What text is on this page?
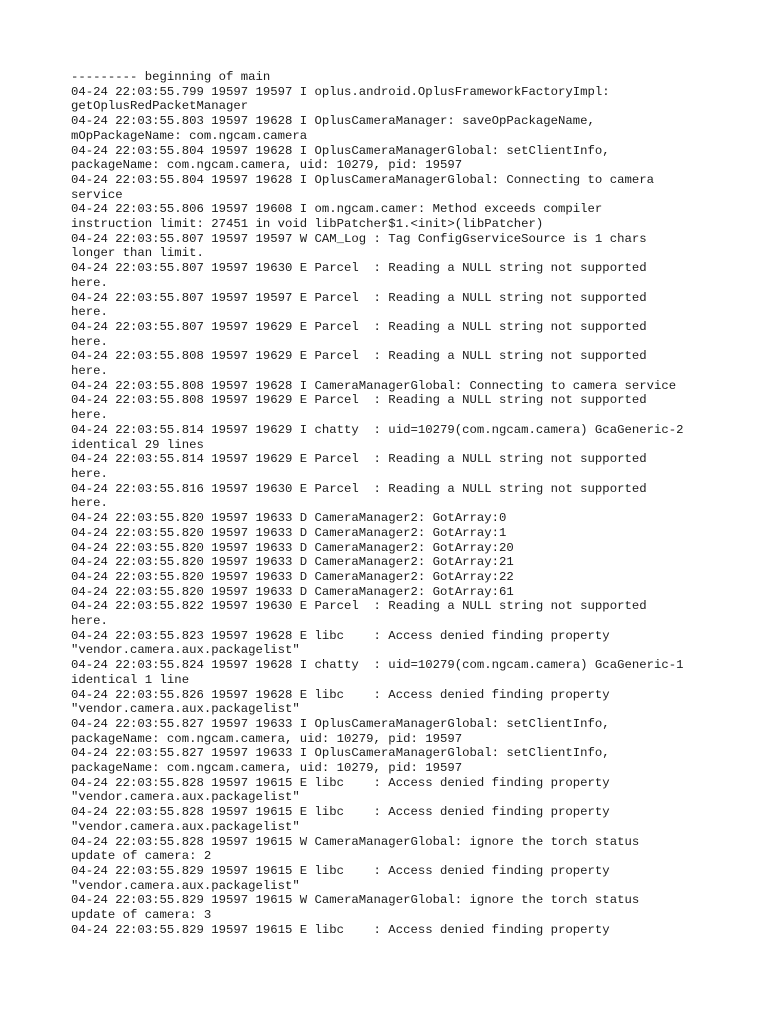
--------- beginning of main
04-24 22:03:55.799 19597 19597 I oplus.android.OplusFrameworkFactoryImpl:
getOplusRedPacketManager
04-24 22:03:55.803 19597 19628 I OplusCameraManager: saveOpPackageName,
mOpPackageName: com.ngcam.camera
04-24 22:03:55.804 19597 19628 I OplusCameraManagerGlobal: setClientInfo,
packageName: com.ngcam.camera, uid: 10279, pid: 19597
04-24 22:03:55.804 19597 19628 I OplusCameraManagerGlobal: Connecting to camera
service
04-24 22:03:55.806 19597 19608 I om.ngcam.camer: Method exceeds compiler
instruction limit: 27451 in void libPatcher$1.<init>(libPatcher)
04-24 22:03:55.807 19597 19597 W CAM_Log : Tag ConfigGserviceSource is 1 chars
longer than limit.
04-24 22:03:55.807 19597 19630 E Parcel  : Reading a NULL string not supported
here.
04-24 22:03:55.807 19597 19597 E Parcel  : Reading a NULL string not supported
here.
04-24 22:03:55.807 19597 19629 E Parcel  : Reading a NULL string not supported
here.
04-24 22:03:55.808 19597 19629 E Parcel  : Reading a NULL string not supported
here.
04-24 22:03:55.808 19597 19628 I CameraManagerGlobal: Connecting to camera service
04-24 22:03:55.808 19597 19629 E Parcel  : Reading a NULL string not supported
here.
04-24 22:03:55.814 19597 19629 I chatty  : uid=10279(com.ngcam.camera) GcaGeneric-2
identical 29 lines
04-24 22:03:55.814 19597 19629 E Parcel  : Reading a NULL string not supported
here.
04-24 22:03:55.816 19597 19630 E Parcel  : Reading a NULL string not supported
here.
04-24 22:03:55.820 19597 19633 D CameraManager2: GotArray:0
04-24 22:03:55.820 19597 19633 D CameraManager2: GotArray:1
04-24 22:03:55.820 19597 19633 D CameraManager2: GotArray:20
04-24 22:03:55.820 19597 19633 D CameraManager2: GotArray:21
04-24 22:03:55.820 19597 19633 D CameraManager2: GotArray:22
04-24 22:03:55.820 19597 19633 D CameraManager2: GotArray:61
04-24 22:03:55.822 19597 19630 E Parcel  : Reading a NULL string not supported
here.
04-24 22:03:55.823 19597 19628 E libc    : Access denied finding property
"vendor.camera.aux.packagelist"
04-24 22:03:55.824 19597 19628 I chatty  : uid=10279(com.ngcam.camera) GcaGeneric-1
identical 1 line
04-24 22:03:55.826 19597 19628 E libc    : Access denied finding property
"vendor.camera.aux.packagelist"
04-24 22:03:55.827 19597 19633 I OplusCameraManagerGlobal: setClientInfo,
packageName: com.ngcam.camera, uid: 10279, pid: 19597
04-24 22:03:55.827 19597 19633 I OplusCameraManagerGlobal: setClientInfo,
packageName: com.ngcam.camera, uid: 10279, pid: 19597
04-24 22:03:55.828 19597 19615 E libc    : Access denied finding property
"vendor.camera.aux.packagelist"
04-24 22:03:55.828 19597 19615 E libc    : Access denied finding property
"vendor.camera.aux.packagelist"
04-24 22:03:55.828 19597 19615 W CameraManagerGlobal: ignore the torch status
update of camera: 2
04-24 22:03:55.829 19597 19615 E libc    : Access denied finding property
"vendor.camera.aux.packagelist"
04-24 22:03:55.829 19597 19615 W CameraManagerGlobal: ignore the torch status
update of camera: 3
04-24 22:03:55.829 19597 19615 E libc    : Access denied finding property
